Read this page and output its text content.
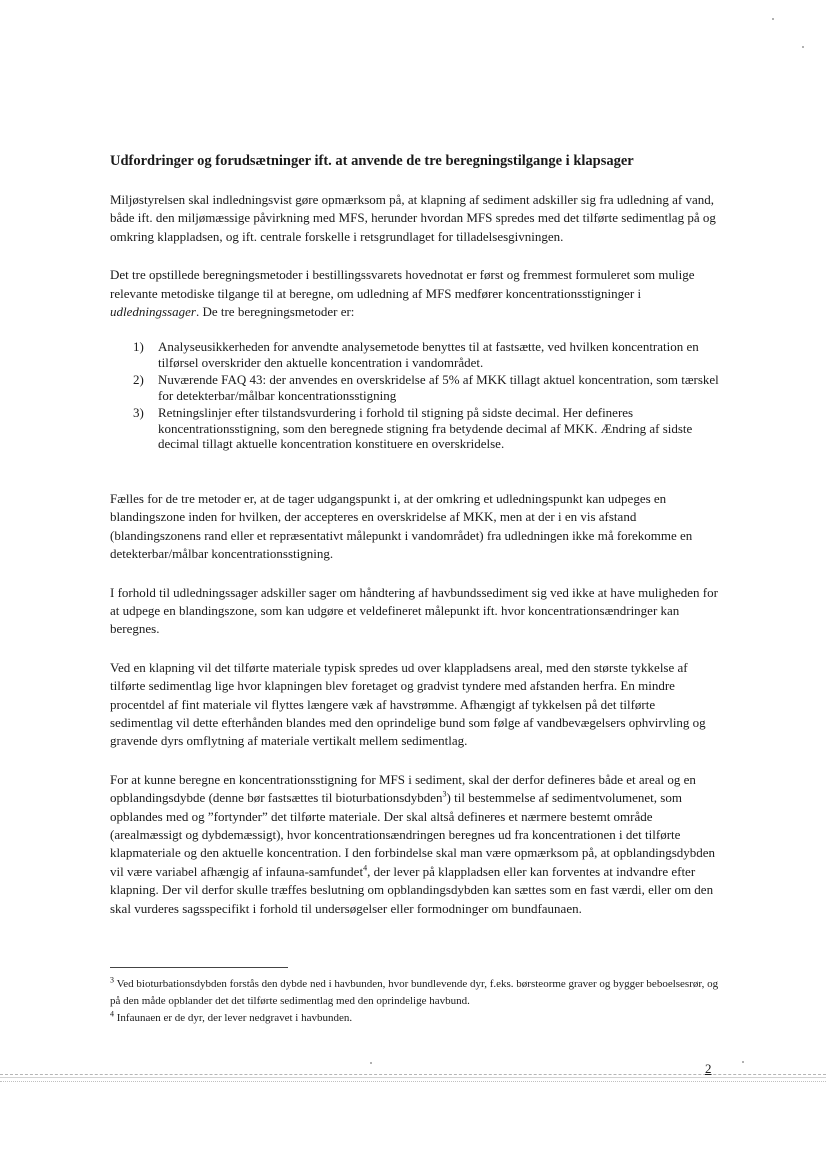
Udfordringer og forudsætninger ift. at anvende de tre beregningstilgange i klapsager

Miljøstyrelsen skal indledningsvist gøre opmærksom på, at klapning af sediment adskiller sig fra udledning af vand, både ift. den miljømæssige påvirkning med MFS, herunder hvordan MFS spredes med det tilførte sedimentlag på og omkring klappladsen, og ift. centrale forskelle i retsgrundlaget for tilladelsesgivningen.

Det tre opstillede beregningsmetoder i bestillingssvarets hovednotat er først og fremmest formuleret som mulige relevante metodiske tilgange til at beregne, om udledning af MFS medfører koncentrationsstigninger i udledningssager. De tre beregningsmetoder er:

1)	Analyseusikkerheden for anvendte analysemetode benyttes til at fastsætte, ved hvilken koncentration en tilførsel overskrider den aktuelle koncentration i vandområdet.
2)	Nuværende FAQ 43: der anvendes en overskridelse af 5% af MKK tillagt aktuel koncentration, som tærskel for detekterbar/målbar koncentrationsstigning
3)	Retningslinjer efter tilstandsvurdering i forhold til stigning på sidste decimal. Her defineres koncentrationsstigning, som den beregnede stigning fra betydende decimal af MKK. Ændring af sidste decimal tillagt aktuelle koncentration konstituere en overskridelse.

Fælles for de tre metoder er, at de tager udgangspunkt i, at der omkring et udledningspunkt kan udpeges en blandingszone inden for hvilken, der accepteres en overskridelse af MKK, men at der i en vis afstand (blandingszonens rand eller et repræsentativt målepunkt i vandområdet) fra udledningen ikke må forekomme en detekterbar/målbar koncentrationsstigning.

I forhold til udledningssager adskiller sager om håndtering af havbundssediment sig ved ikke at have muligheden for at udpege en blandingszone, som kan udgøre et veldefineret målepunkt ift. hvor koncentrationsændringer kan beregnes.

Ved en klapning vil det tilførte materiale typisk spredes ud over klappladsens areal, med den største tykkelse af tilførte sedimentlag lige hvor klapningen blev foretaget og gradvist tyndere med afstanden herfra. En mindre procentdel af fint materiale vil flyttes længere væk af havstrømme. Afhængigt af tykkelsen på det tilførte sedimentlag vil dette efterhånden blandes med den oprindelige bund som følge af vandbevægelsers ophvirvling og gravende dyrs omflytning af materiale vertikalt mellem sedimentlag.

For at kunne beregne en koncentrationsstigning for MFS i sediment, skal der derfor defineres både et areal og en opblandingsdybde (denne bør fastsættes til bioturbationsdybden$^3$) til bestemmelse af sedimentvolumenet, som opblandes med og ”fortynder” det tilførte materiale. Der skal altså defineres et nærmere bestemt område (arealmæssigt og dybdemæssigt), hvor koncentrationsændringen beregnes ud fra koncentrationen i det tilførte klapmateriale og den aktuelle koncentration. I den forbindelse skal man være opmærksom på, at opblandingsdybden vil være variabel afhængig af infauna-samfundet$^4$, der lever på klappladsen eller kan forventes at indvandre efter klapning. Der vil derfor skulle træffes beslutning om opblandingsdybden kan sættes som en fast værdi, eller om den skal vurderes sagsspecifikt i forhold til undersøgelser eller formodninger om bundfaunaen.

$^3$ Ved bioturbationsdybden forstås den dybde ned i havbunden, hvor bundlevende dyr, f.eks. børsteorme graver og bygger beboelsesrør, og på den måde opblander det det tilførte sedimentlag med den oprindelige havbund.

$^4$ Infaunaen er de dyr, der lever nedgravet i havbunden.

2
